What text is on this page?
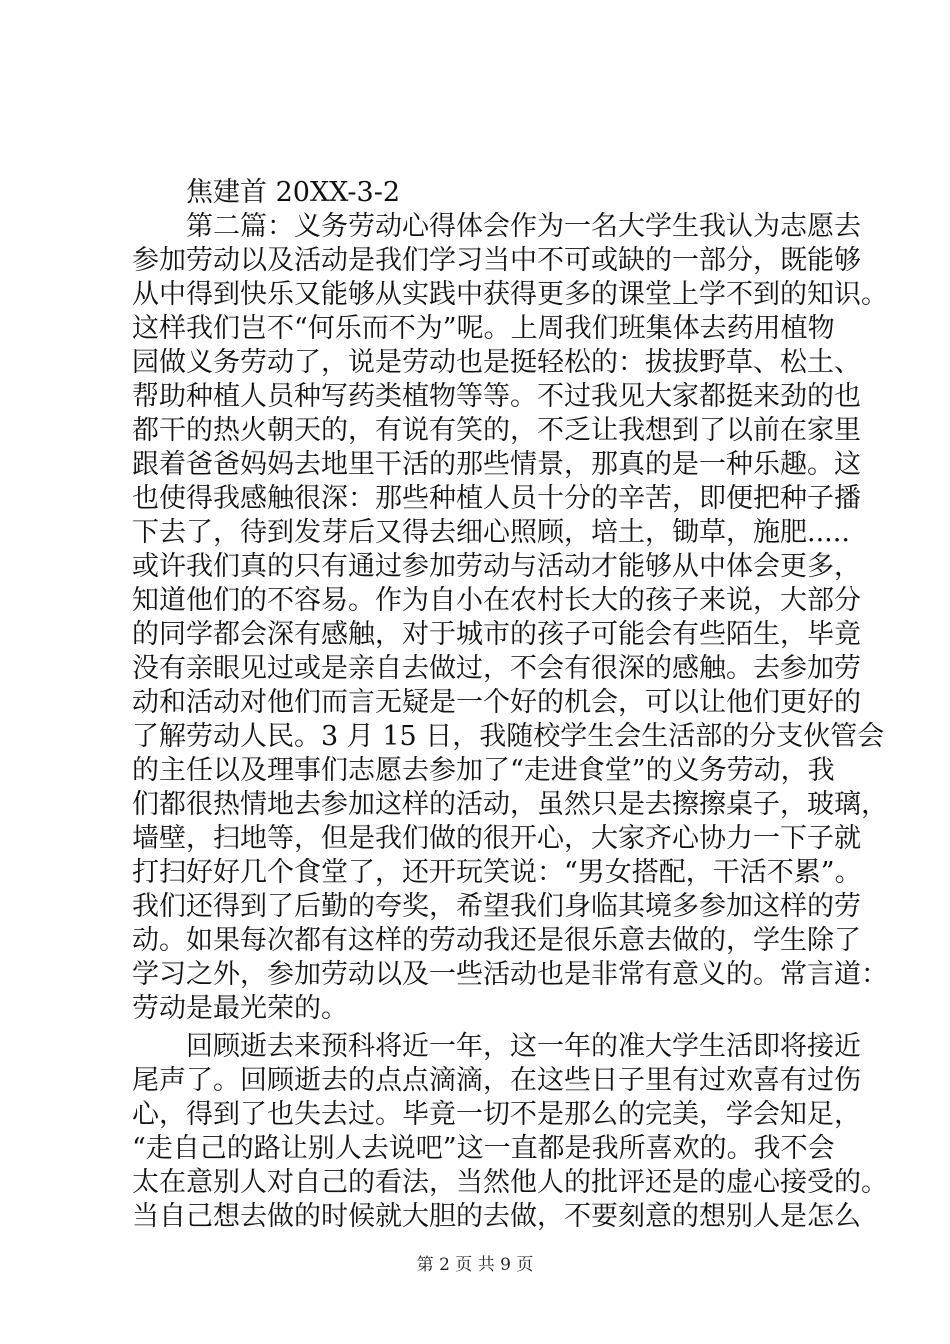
焦建首 20XX-3-2
第二篇：义务劳动心得体会作为一名大学生我认为志愿去
参加劳动以及活动是我们学习当中不可或缺的一部分，既能够
从中得到快乐又能够从实践中获得更多的课堂上学不到的知识。
这样我们岂不“何乐而不为”呢。上周我们班集体去药用植物
园做义务劳动了，说是劳动也是挺轻松的：拔拔野草、松土、
帮助种植人员种写药类植物等等。不过我见大家都挺来劲的也
都干的热火朝天的，有说有笑的，不乏让我想到了以前在家里
跟着爸爸妈妈去地里干活的那些情景，那真的是一种乐趣。这
也使得我感触很深：那些种植人员十分的辛苦，即便把种子播
下去了，待到发芽后又得去细心照顾，培土，锄草，施肥.....
或许我们真的只有通过参加劳动与活动才能够从中体会更多，
知道他们的不容易。作为自小在农村长大的孩子来说，大部分
的同学都会深有感触，对于城市的孩子可能会有些陌生，毕竟
没有亲眼见过或是亲自去做过，不会有很深的感触。去参加劳
动和活动对他们而言无疑是一个好的机会，可以让他们更好的
了解劳动人民。3 月 15 日，我随校学生会生活部的分支伙管会
的主任以及理事们志愿去参加了“走进食堂”的义务劳动，我
们都很热情地去参加这样的活动，虽然只是去擦擦桌子，玻璃，
墙壁，扫地等，但是我们做的很开心，大家齐心协力一下子就
打扫好好几个食堂了，还开玩笑说：“男女搭配，干活不累”。
我们还得到了后勤的夸奖，希望我们身临其境多参加这样的劳
动。如果每次都有这样的劳动我还是很乐意去做的，学生除了
学习之外，参加劳动以及一些活动也是非常有意义的。常言道：
劳动是最光荣的。
回顾逝去来预科将近一年，这一年的准大学生活即将接近
尾声了。回顾逝去的点点滴滴，在这些日子里有过欢喜有过伤
心，得到了也失去过。毕竟一切不是那么的完美，学会知足，
“走自己的路让别人去说吧”这一直都是我所喜欢的。我不会
太在意别人对自己的看法，当然他人的批评还是的虚心接受的。
当自己想去做的时候就大胆的去做，不要刻意的想别人是怎么
第 2 页 共 9 页
